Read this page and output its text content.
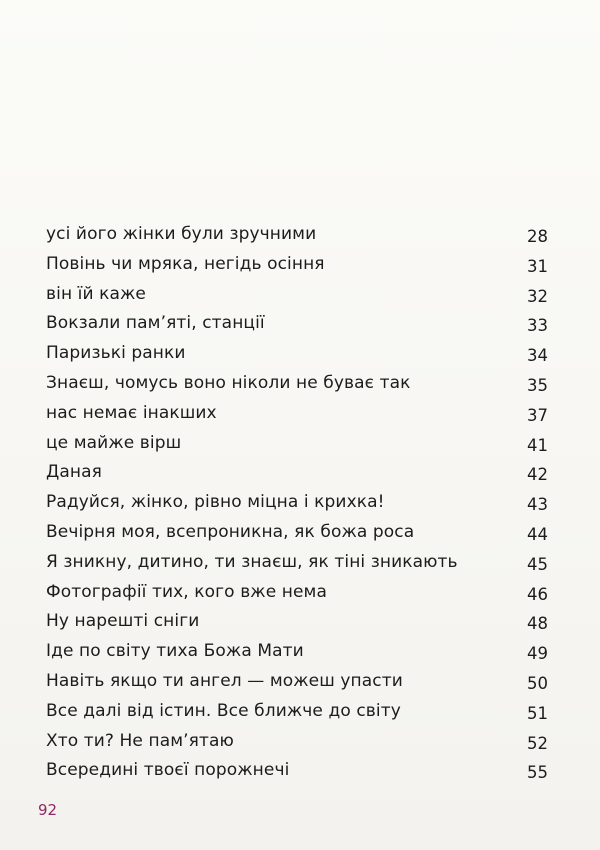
усі його жінки були зручними	28
Повінь чи мряка, негідь осіння	31
він їй каже	32
Вокзали пам’яті, станції	33
Паризькі ранки	34
Знаєш, чомусь воно ніколи не буває так	35
нас немає інакших	37
це майже вірш	41
Даная	42
Радуйся, жінко, рівно міцна і крихка!	43
Вечірня моя, всепроникна, як божа роса	44
Я зникну, дитино, ти знаєш, як тіні зникають	45
Фотографії тих, кого вже нема	46
Ну нарешті сніги	48
Іде по світу тиха Божа Мати	49
Навіть якщо ти ангел — можеш упасти	50
Все далі від істин. Все ближче до світу	51
Хто ти? Не пам’ятаю	52
Всередині твоєї порожнечі	55
92
